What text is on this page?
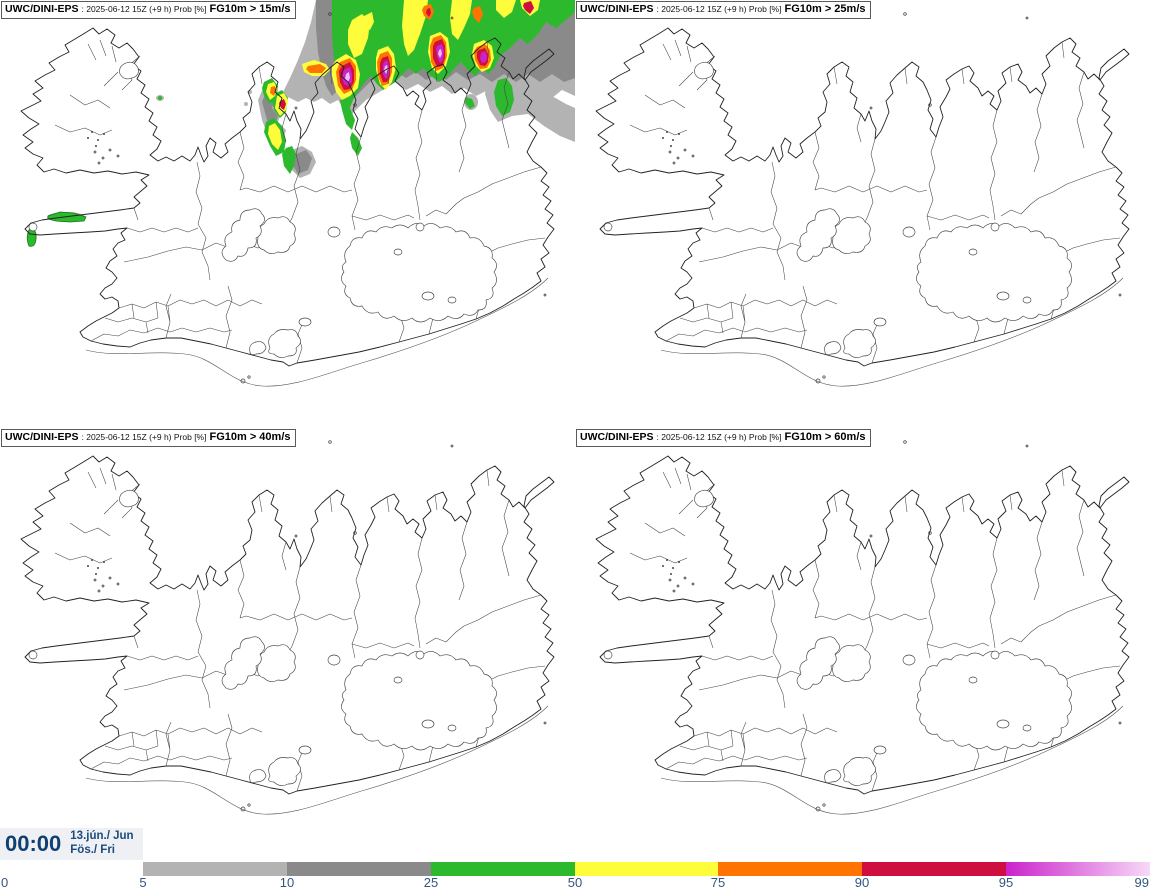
UWC/DINI-EPS : 2025-06-12 15Z (+9 h) Prob [%] FG10m > 15m/s	UWC/DINI-EPS : 2025-06-12 15Z (+9 h) Prob [%] FG10m > 25m/s
UWC/DINI-EPS : 2025-06-12 15Z (+9 h) Prob [%] FG10m > 40m/s	UWC/DINI-EPS : 2025-06-12 15Z (+9 h) Prob [%] FG10m > 60m/s
00:00 13.jún./ Jun
Fös./ Fri
0	5	10	25	50	75	90	95	99
